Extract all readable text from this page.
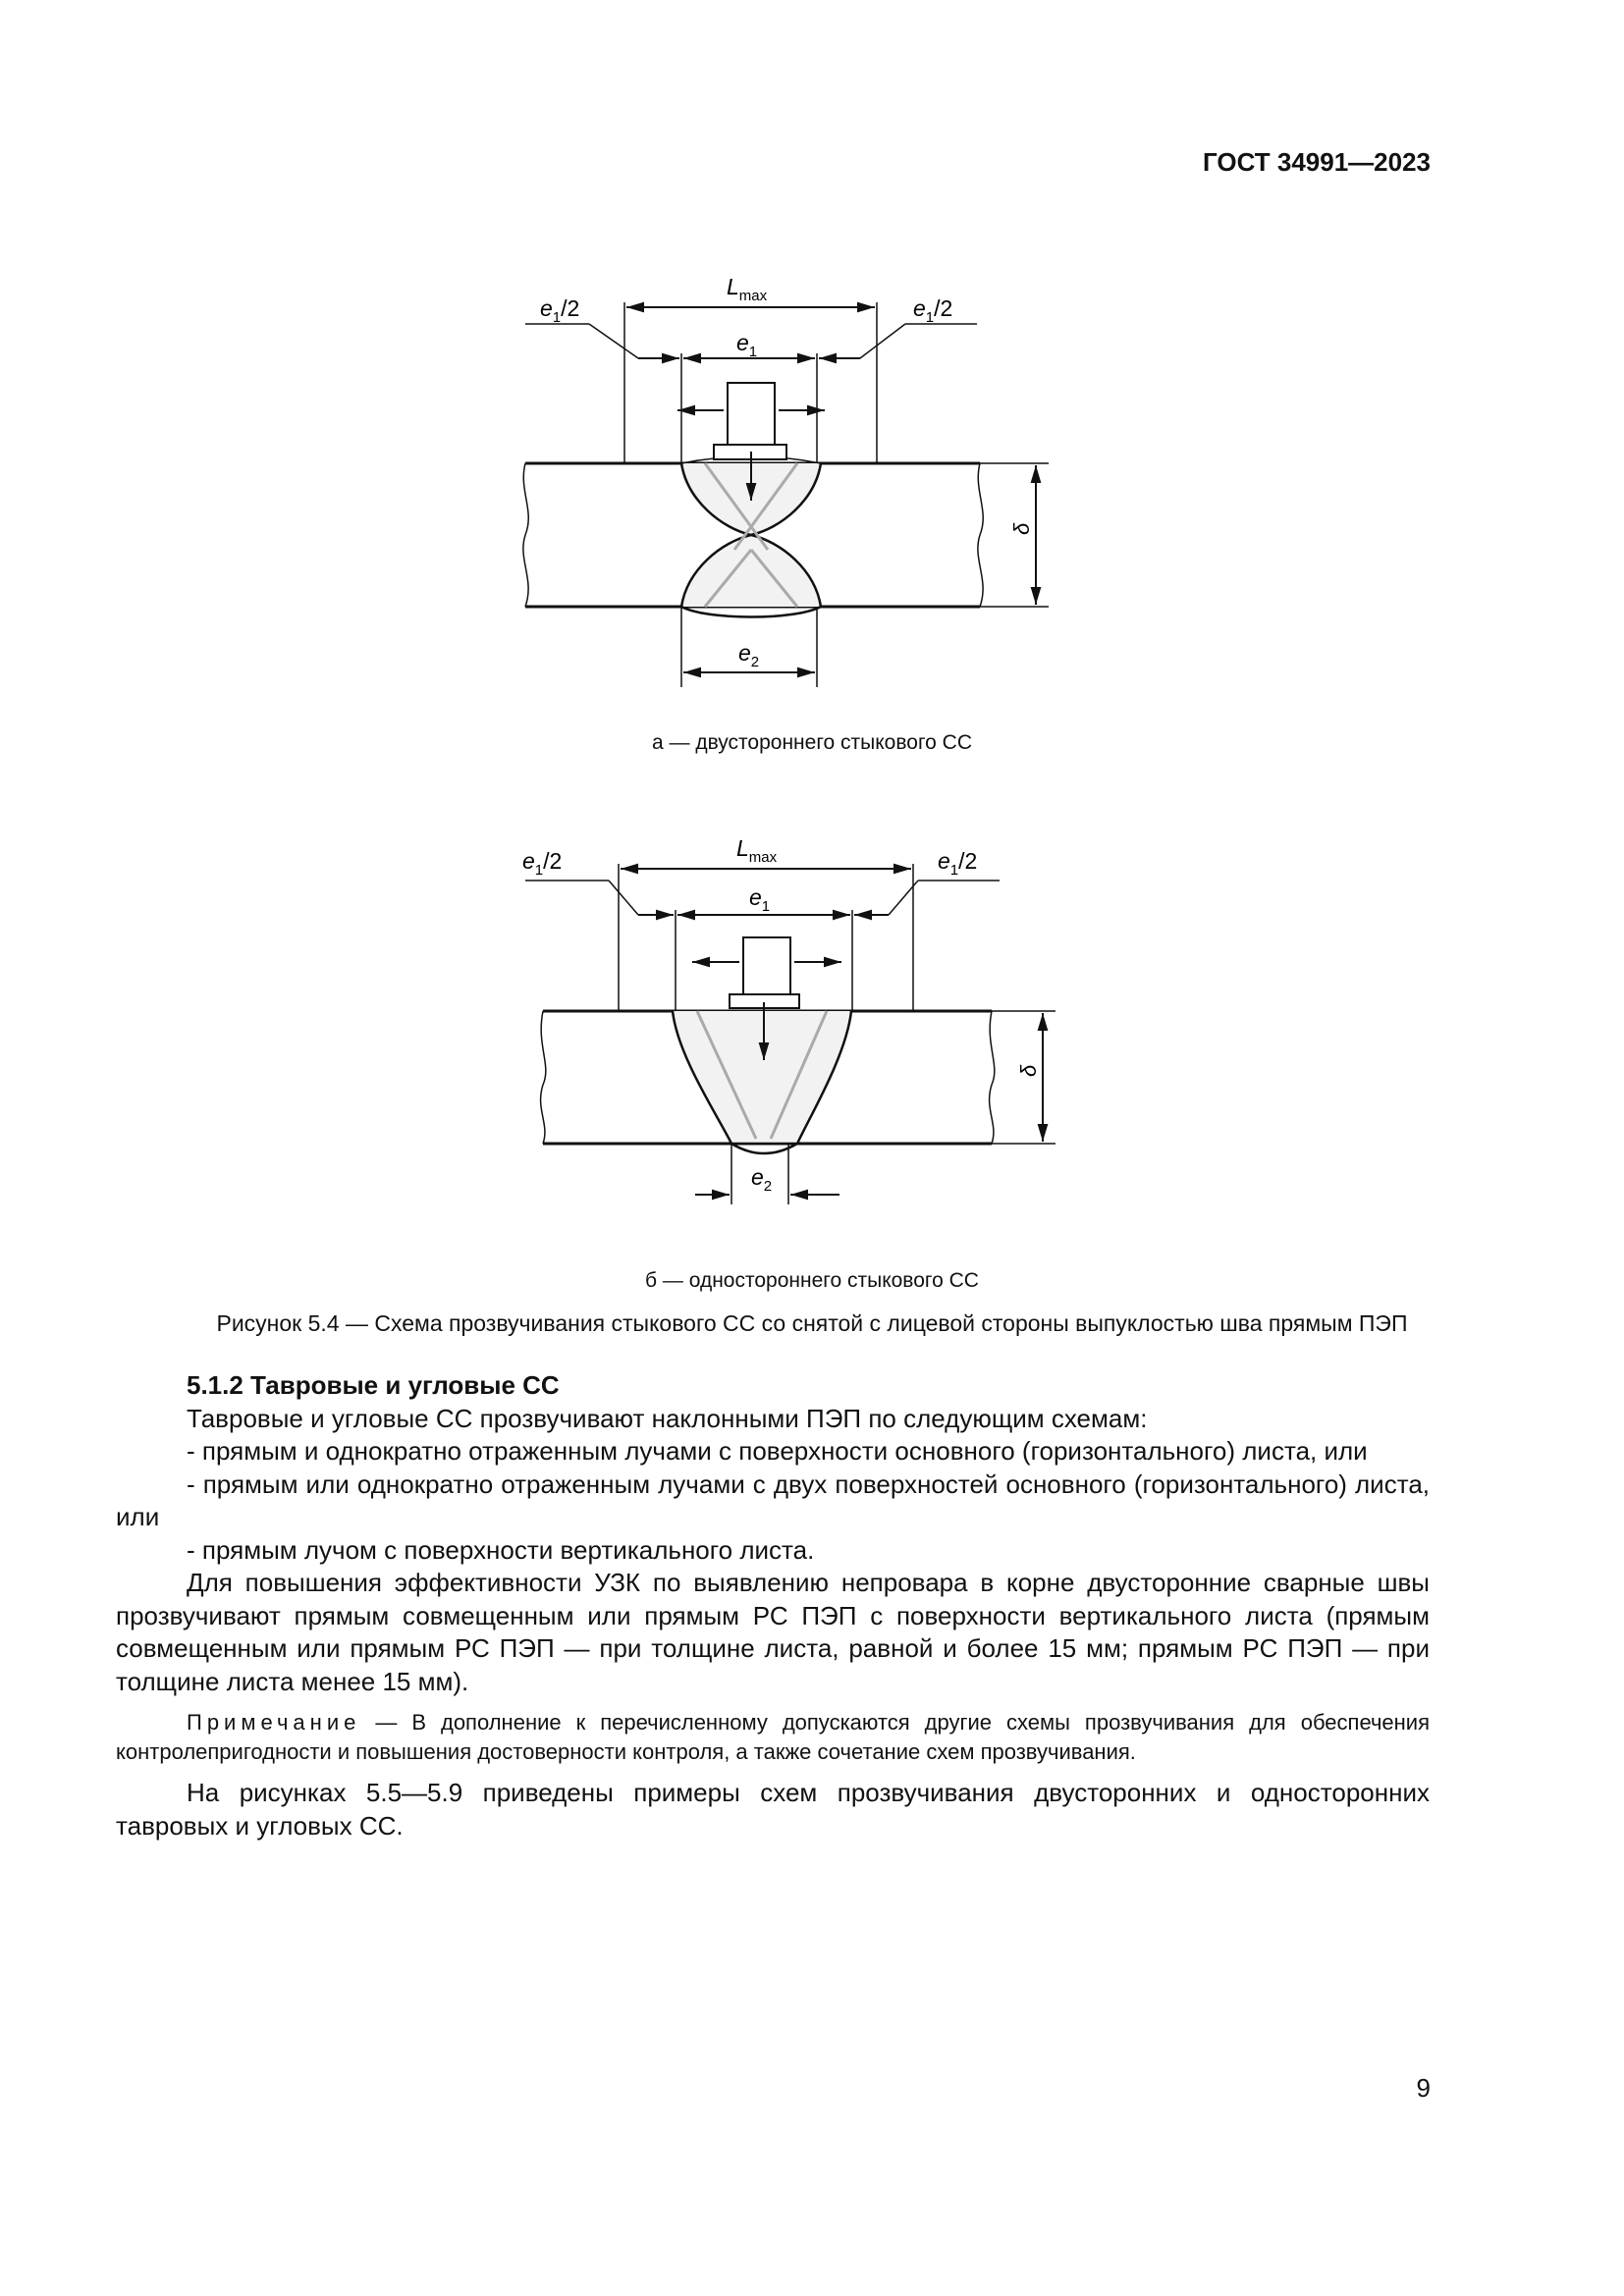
ГОСТ 34991—2023
$L_{max}$
$e_1$
$e_1/2$	$e_1/2$
$e_2$
δ
а — двустороннего стыкового СС
$L_{max}$
$e_1$
$e_1/2$	$e_1/2$
$e_2$
δ
б — одностороннего стыкового СС
Рисунок 5.4 — Схема прозвучивания стыкового СС со снятой с лицевой стороны выпуклостью шва прямым ПЭП

5.1.2 Тавровые и угловые СС

Тавровые и угловые СС прозвучивают наклонными ПЭП по следующим схемам:

- прямым и однократно отраженным лучами с поверхности основного (горизонтального) листа, или

- прямым или однократно отраженным лучами с двух поверхностей основного (горизонтального) листа, или

- прямым лучом с поверхности вертикального листа.

Для повышения эффективности УЗК по выявлению непровара в корне двусторонние сварные швы прозвучивают прямым совмещенным или прямым РС ПЭП с поверхности вертикального листа (прямым совмещенным или прямым РС ПЭП — при толщине листа, равной и более 15 мм; прямым РС ПЭП — при толщине листа менее 15 мм).

Примечание — В дополнение к перечисленному допускаются другие схемы прозвучивания для обеспечения контролепригодности и повышения достоверности контроля, а также сочетание схем прозвучивания.

На рисунках 5.5—5.9 приведены примеры схем прозвучивания двусторонних и односторонних тавровых и угловых СС.

9
